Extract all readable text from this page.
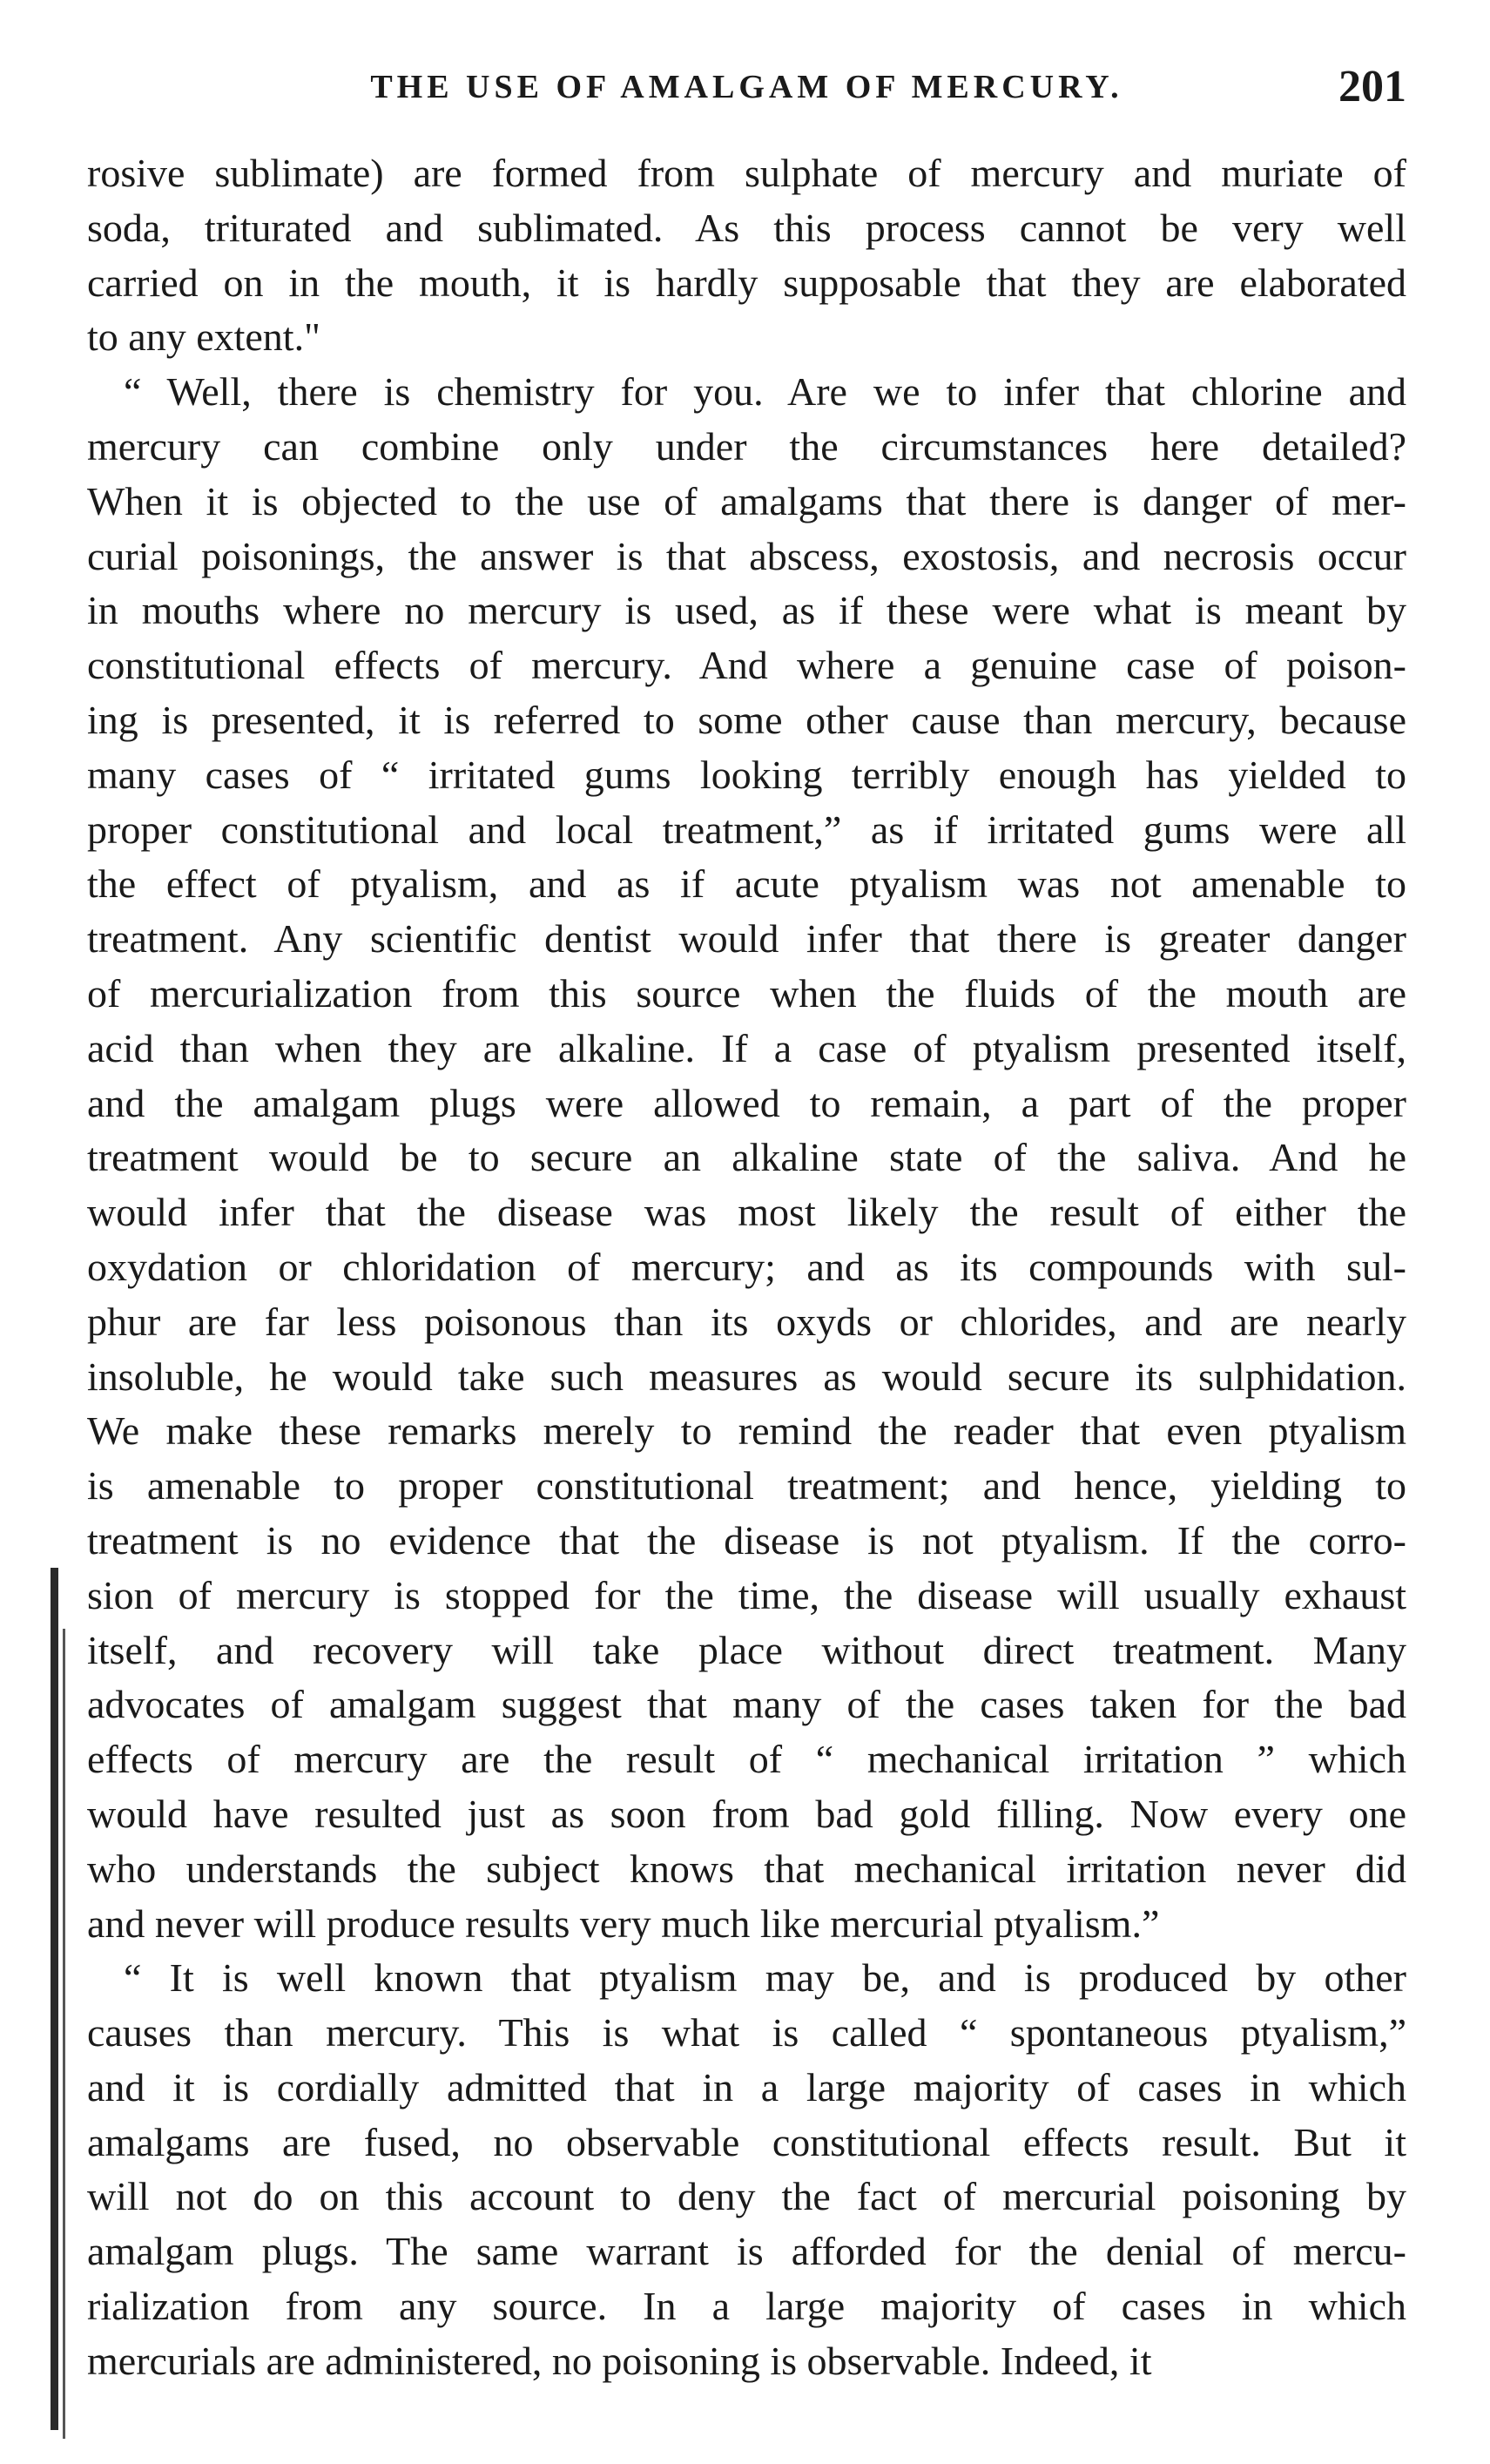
THE USE OF AMALGAM OF MERCURY.	201
rosive sublimate) are formed from sulphate of mercury and muriate of
soda, triturated and sublimated. As this process cannot be very well
carried on in the mouth, it is hardly supposable that they are elaborated
to any extent."
“ Well, there is chemistry for you. Are we to infer that chlorine and
mercury can combine only under the circumstances here detailed?
When it is objected to the use of amalgams that there is danger of mer-
curial poisonings, the answer is that abscess, exostosis, and necrosis occur
in mouths where no mercury is used, as if these were what is meant by
constitutional effects of mercury. And where a genuine case of poison-
ing is presented, it is referred to some other cause than mercury, because
many cases of “ irritated gums looking terribly enough has yielded to
proper constitutional and local treatment,” as if irritated gums were all
the effect of ptyalism, and as if acute ptyalism was not amenable to
treatment. Any scientific dentist would infer that there is greater danger
of mercurialization from this source when the fluids of the mouth are
acid than when they are alkaline. If a case of ptyalism presented itself,
and the amalgam plugs were allowed to remain, a part of the proper
treatment would be to secure an alkaline state of the saliva. And he
would infer that the disease was most likely the result of either the
oxydation or chloridation of mercury; and as its compounds with sul-
phur are far less poisonous than its oxyds or chlorides, and are nearly
insoluble, he would take such measures as would secure its sulphidation.
We make these remarks merely to remind the reader that even ptyalism
is amenable to proper constitutional treatment; and hence, yielding to
treatment is no evidence that the disease is not ptyalism. If the corro-
sion of mercury is stopped for the time, the disease will usually exhaust
itself, and recovery will take place without direct treatment. Many
advocates of amalgam suggest that many of the cases taken for the bad
effects of mercury are the result of “ mechanical irritation ” which
would have resulted just as soon from bad gold filling. Now every one
who understands the subject knows that mechanical irritation never did
and never will produce results very much like mercurial ptyalism.”
“ It is well known that ptyalism may be, and is produced by other
causes than mercury. This is what is called “ spontaneous ptyalism,”
and it is cordially admitted that in a large majority of cases in which
amalgams are fused, no observable constitutional effects result. But it
will not do on this account to deny the fact of mercurial poisoning by
amalgam plugs. The same warrant is afforded for the denial of mercu-
rialization from any source. In a large majority of cases in which
mercurials are administered, no poisoning is observable. Indeed, it
